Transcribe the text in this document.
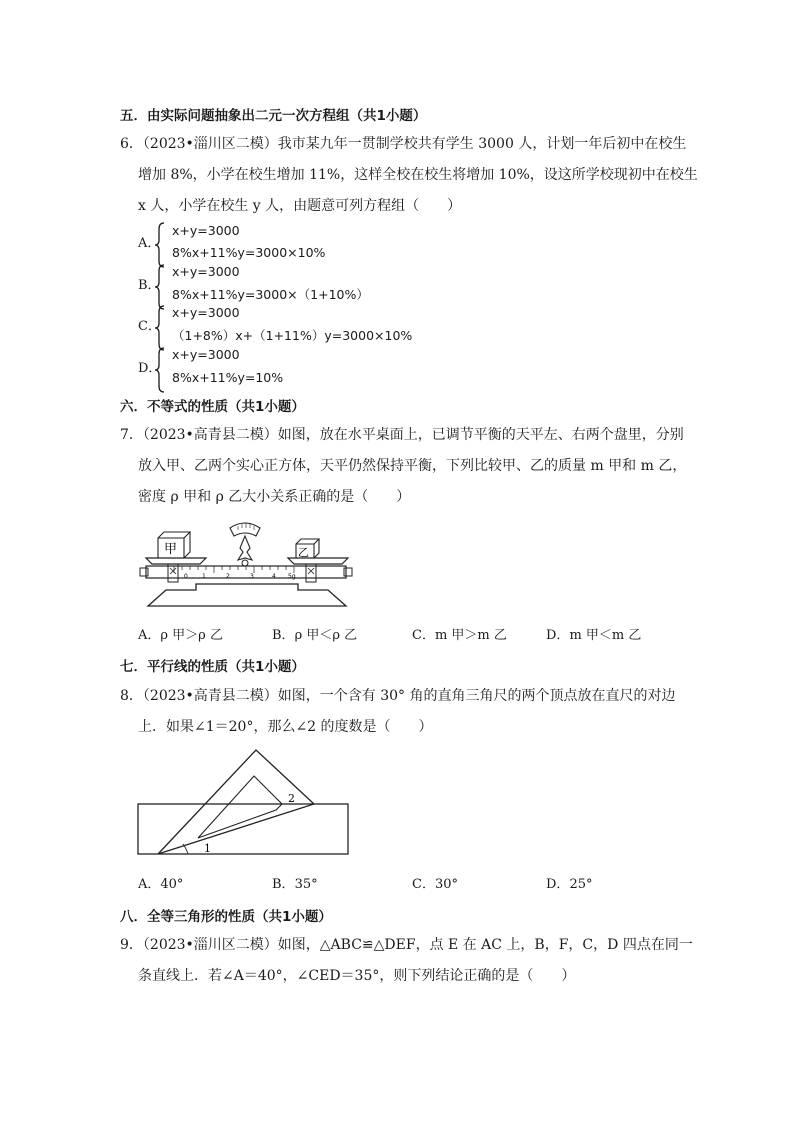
五．由实际问题抽象出二元一次方程组（共1小题）
6．（2023•淄川区二模）我市某九年一贯制学校共有学生 3000 人，计划一年后初中在校生
增加 8%，小学在校生增加 11%，这样全校在校生将增加 10%，设这所学校现初中在校生
x 人，小学在校生 y 人，由题意可列方程组（　　）
A．
x+y=3000
8%x+11%y=3000×10%
B．
x+y=3000
8%x+11%y=3000×（1+10%）
C．
x+y=3000
（1+8%）x+（1+11%）y=3000×10%
D．
x+y=3000
8%x+11%y=10%
六．不等式的性质（共1小题）
7．（2023•高青县二模）如图，放在水平桌面上，已调节平衡的天平左、右两个盘里，分别
放入甲、乙两个实心正方体，天平仍然保持平衡，下列比较甲、乙的质量 m 甲和 m 乙，
密度 ρ 甲和 ρ 乙大小关系正确的是（　　）
0 1	2	3	4 5g
甲	乙
A．ρ 甲＞ρ 乙	B．ρ 甲＜ρ 乙	C．m 甲＞m 乙	D．m 甲＜m 乙
七．平行线的性质（共1小题）
8．（2023•高青县二模）如图，一个含有 30° 角的直角三角尺的两个顶点放在直尺的对边
上．如果∠1＝20°，那么∠2 的度数是（　　）
1
2
A．40°	B．35°	C．30°	D．25°
八．全等三角形的性质（共1小题）
9．（2023•淄川区二模）如图，△ABC≌△DEF，点 E 在 AC 上，B，F，C，D 四点在同一
条直线上．若∠A＝40°，∠CED＝35°，则下列结论正确的是（　　）
